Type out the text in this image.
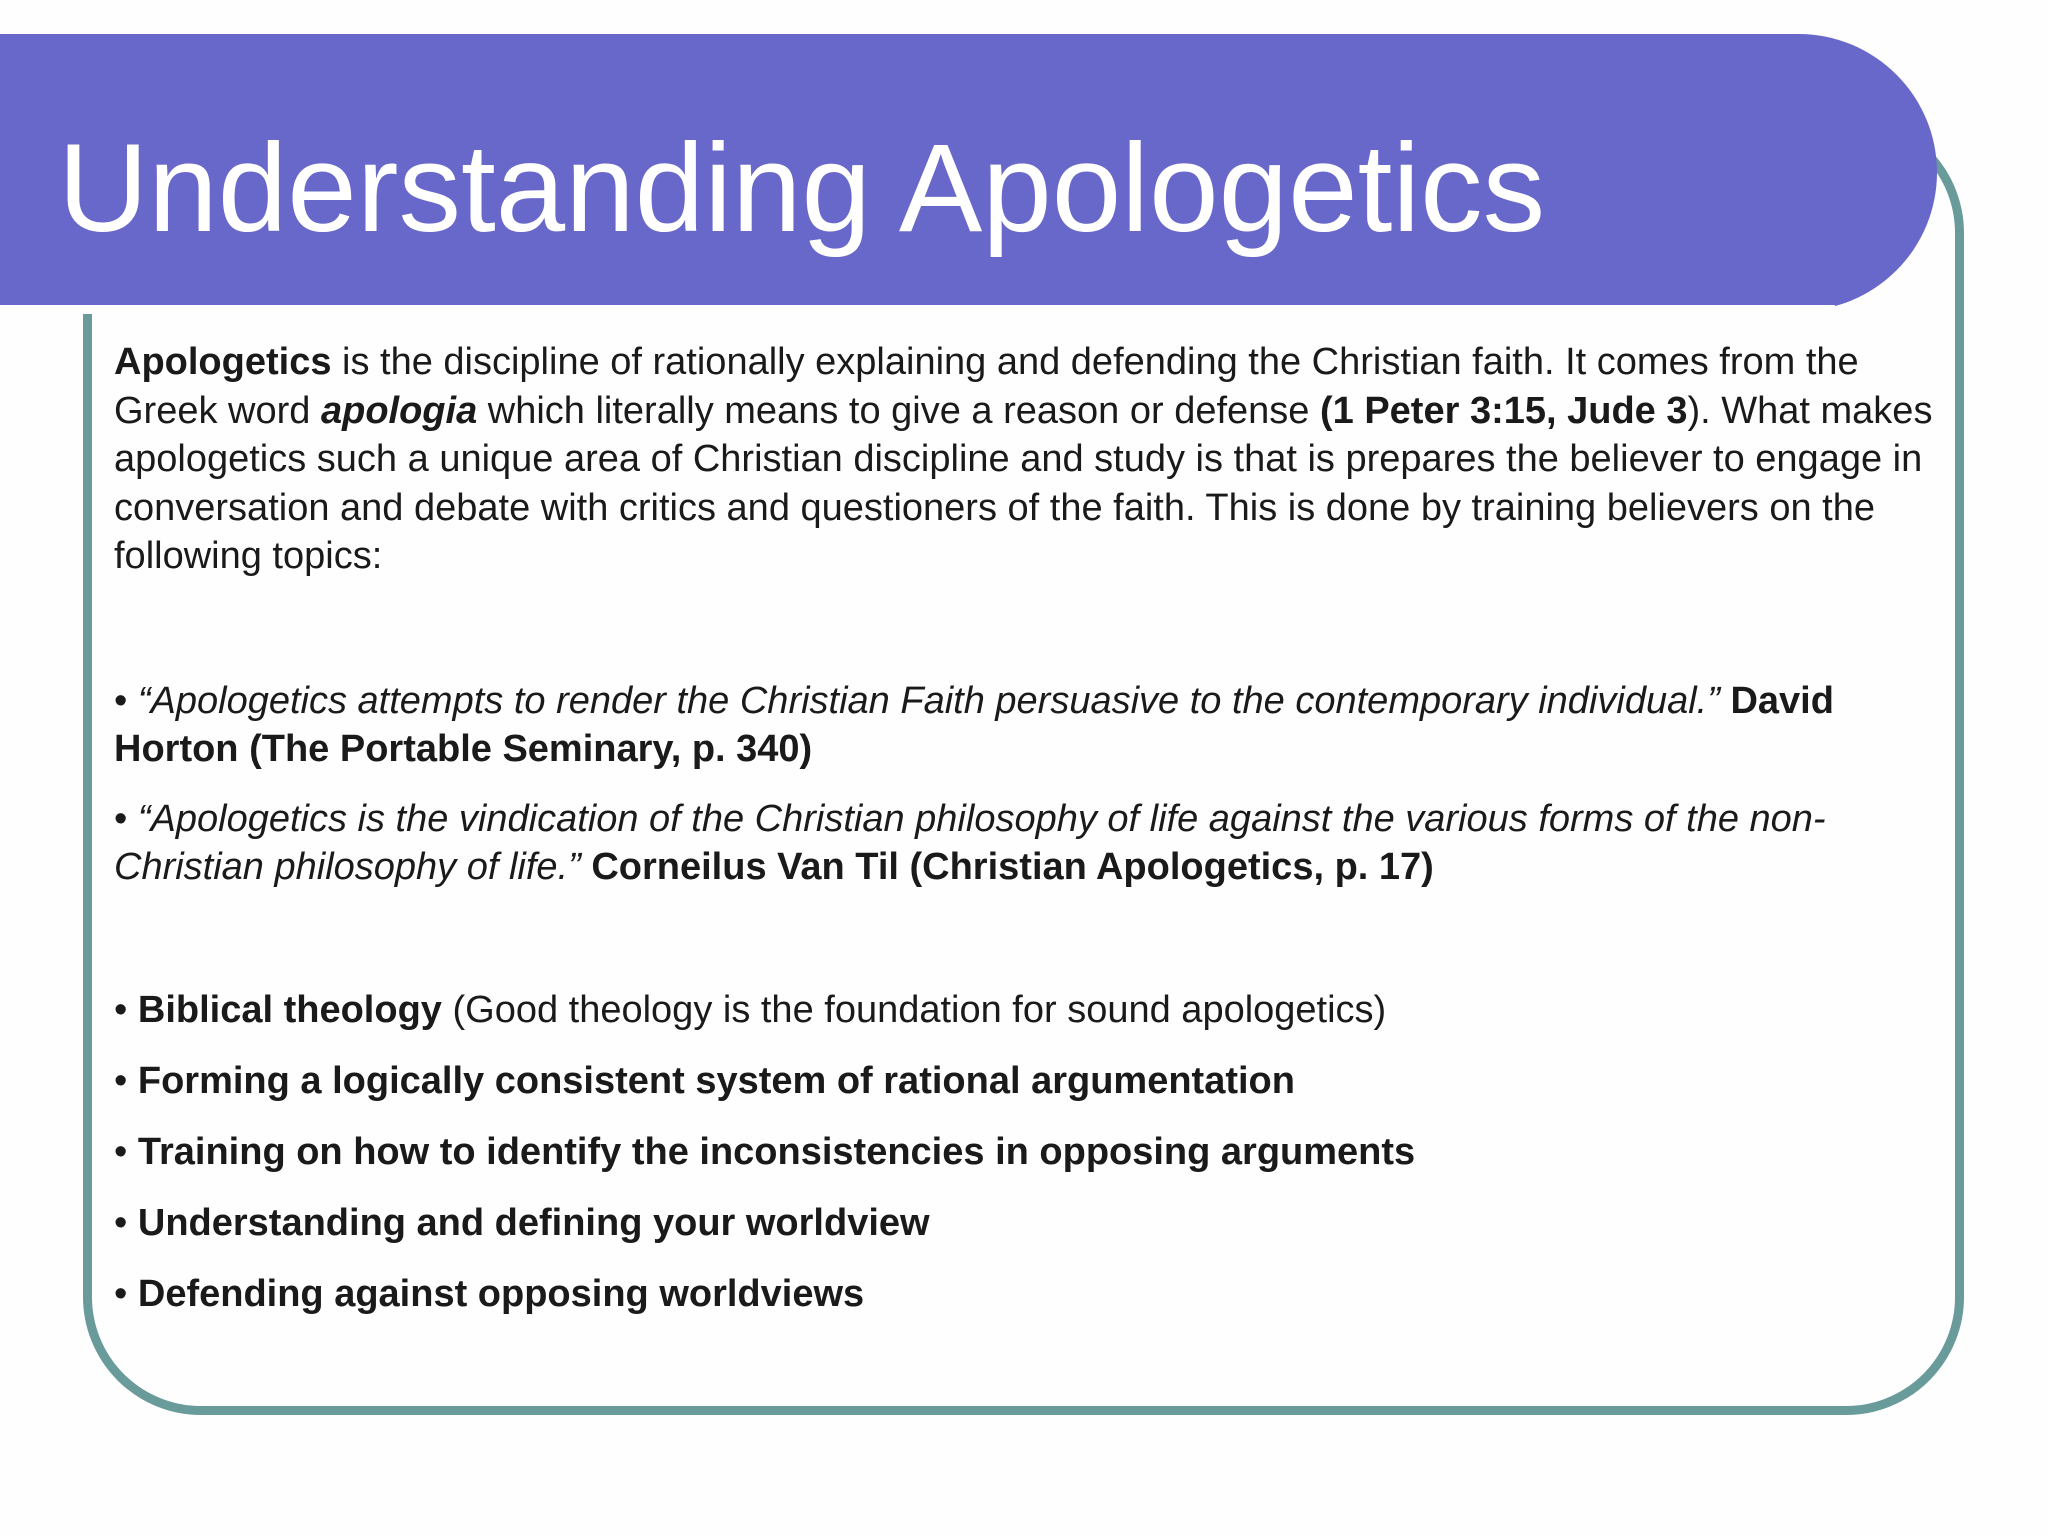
Understanding Apologetics

Apologetics is the discipline of rationally explaining and defending the Christian faith. It comes from the Greek word apologia which literally means to give a reason or defense (1 Peter 3:15, Jude 3). What makes apologetics such a unique area of Christian discipline and study is that is prepares the believer to engage in conversation and debate with critics and questioners of the faith. This is done by training believers on the following topics:

• “Apologetics attempts to render the Christian Faith persuasive to the contemporary individual.” David Horton (The Portable Seminary, p. 340)

• “Apologetics is the vindication of the Christian philosophy of life against the various forms of the non-Christian philosophy of life.” Corneilus Van Til (Christian Apologetics, p. 17)

• Biblical theology (Good theology is the foundation for sound apologetics)

• Forming a logically consistent system of rational argumentation

• Training on how to identify the inconsistencies in opposing arguments

• Understanding and defining your worldview

• Defending against opposing worldviews
